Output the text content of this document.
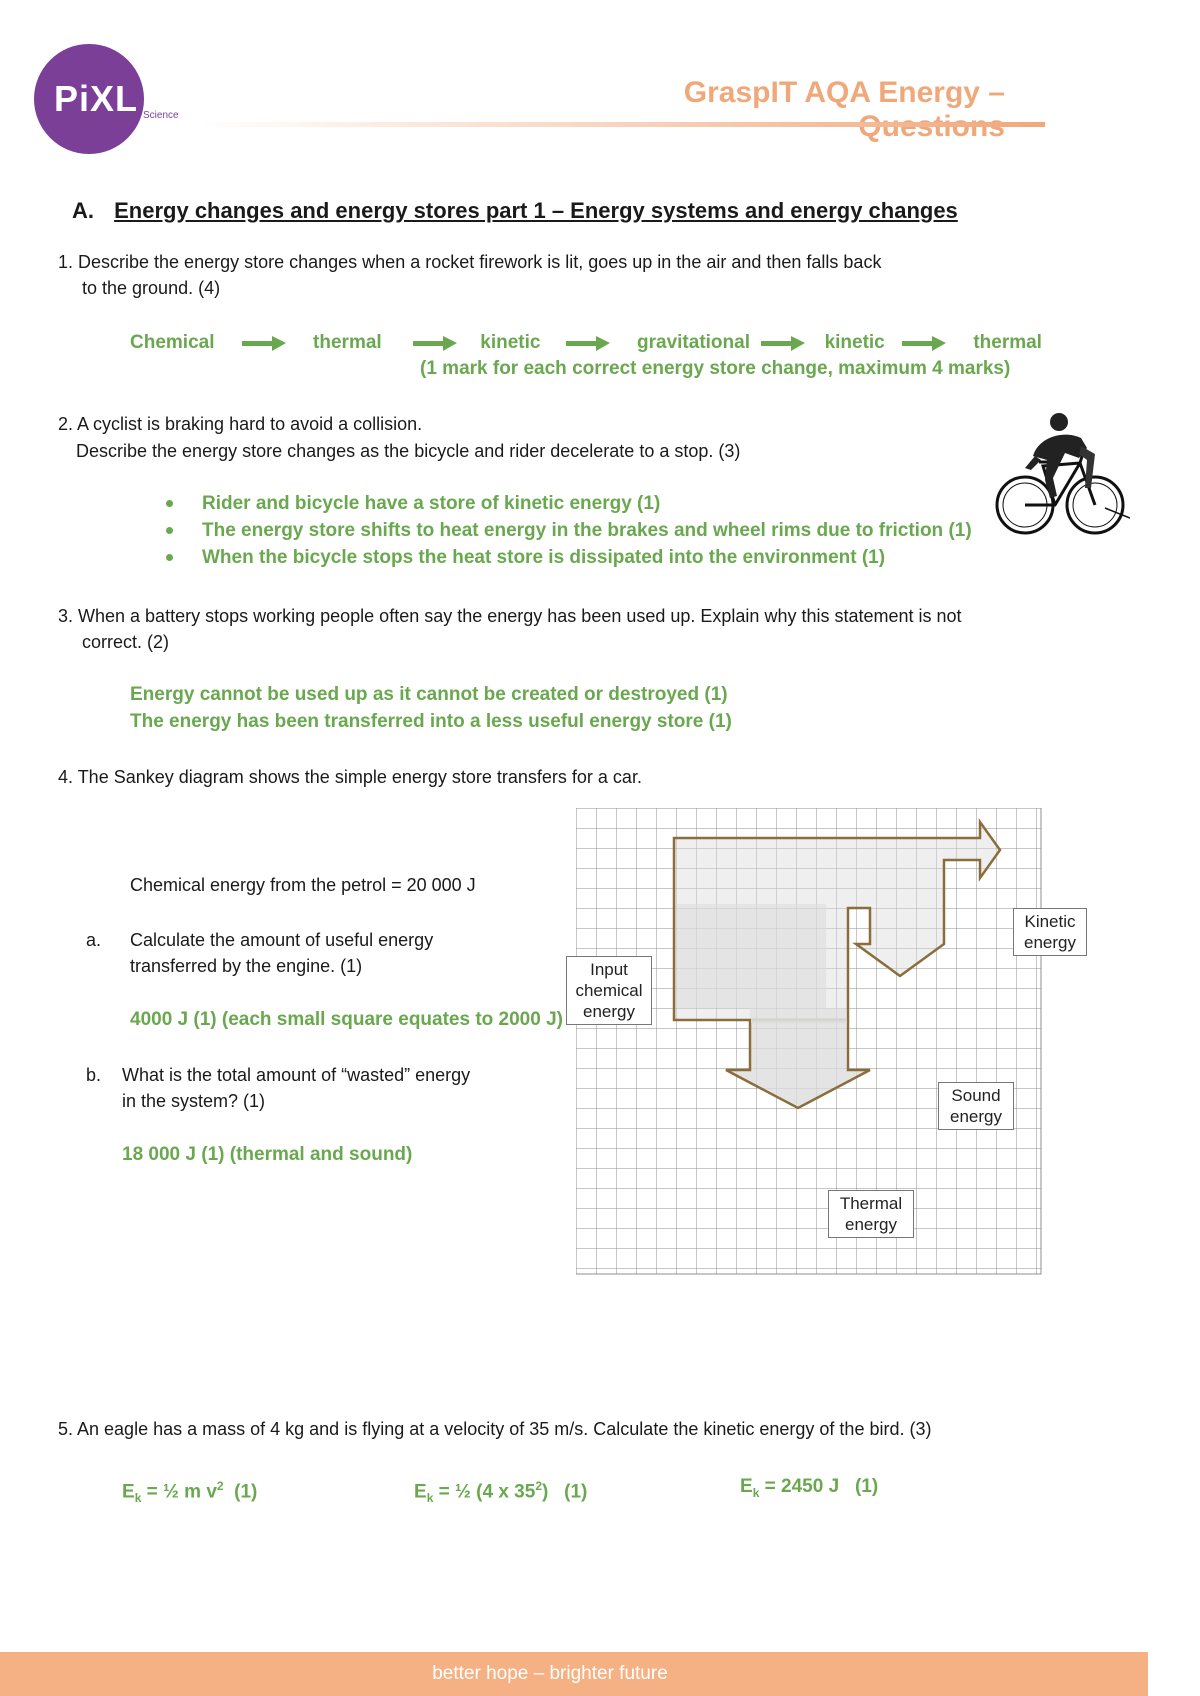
PiXL Science
GraspIT AQA Energy –
A. Energy changes and energy stores part 1 – Energy systems and energy changes
1. Describe the energy store changes when a rocket firework is lit, goes up in the air and then falls back
to the ground. (4)
Chemical	thermal	kinetic	gravitational	kinetic	thermal
(1 mark for each correct energy store change, maximum 4 marks)
2. A cyclist is braking hard to avoid a collision.
Describe the energy store changes as the bicycle and rider decelerate to a stop. (3)
Rider and bicycle have a store of kinetic energy (1)
The energy store shifts to heat energy in the brakes and wheel rims due to friction (1)
When the bicycle stops the heat store is dissipated into the environment (1)
3. When a battery stops working people often say the energy has been used up. Explain why this statement is not
correct. (2)
Energy cannot be used up as it cannot be created or destroyed (1)
The energy has been transferred into a less useful energy store (1)
4. The Sankey diagram shows the simple energy store transfers for a car.
Chemical energy from the petrol = 20 000 J
a. Calculate the amount of useful energy
transferred by the engine. (1)
4000 J (1) (each small square equates to 2000 J)
b. What is the total amount of “wasted” energy
in the system? (1)
18 000 J (1) (thermal and sound)
Input
chemical
energy
Kinetic
energy
Sound
energy
Thermal
energy
5. An eagle has a mass of 4 kg and is flying at a velocity of 35 m/s. Calculate the kinetic energy of the bird. (3)
$E_k$ = ½ m $v^2$  (1)	$E_k$ = ½ (4 x $35^2$)   (1)	$E_k = 2450$ J   (1)
better hope – brighter future
